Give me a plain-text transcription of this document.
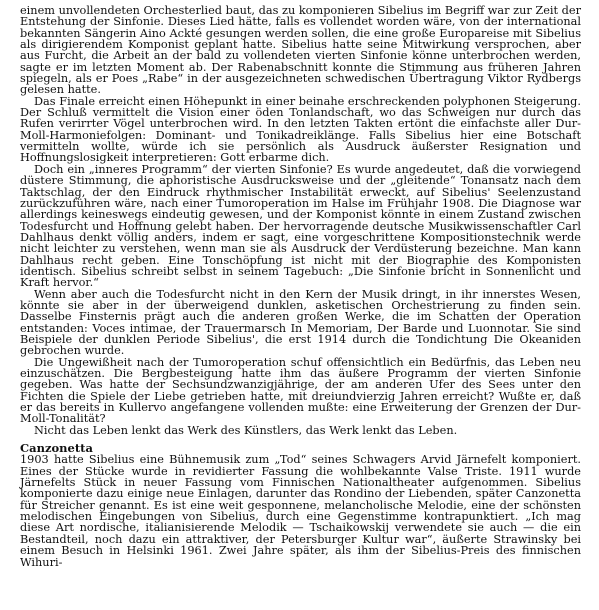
einem unvollendeten Orchesterlied baut, das zu komponieren Sibelius im Begriff war zur Zeit der Entstehung der Sinfonie. Dieses Lied hätte, falls es vollendet worden wäre, von der international bekannten Sängerin Aino Ackté gesungen werden sollen, die eine große Europareise mit Sibelius als dirigierendem Komponist geplant hatte. Sibelius hatte seine Mitwirkung versprochen, aber aus Furcht, die Arbeit an der bald zu vollendeten vierten Sinfonie könne unterbrochen werden, sagte er im letzten Moment ab. Der Rabenabschnitt konnte die Stimmung aus früheren Jahren spiegeln, als er Poes „Rabe“ in der ausgezeichneten schwedischen Übertragung Viktor Rydbergs gelesen hatte.

Das Finale erreicht einen Höhepunkt in einer beinahe erschreckenden polyphonen Steigerung. Der Schluß vermittelt die Vision einer öden Tonlandschaft, wo das Schweigen nur durch das Rufen verirrter Vögel unterbrochen wird. In den letzten Takten ertönt die einfachste aller Dur-Moll-Harmoniefolgen: Dominant- und Tonikadreiklänge. Falls Sibelius hier eine Botschaft vermitteln wollte, würde ich sie persönlich als Ausdruck äußerster Resignation und Hoffnungslosigkeit interpretieren: Gott erbarme dich.

Doch ein „inneres Programm“ der vierten Sinfonie? Es wurde angedeutet, daß die vorwiegend düstere Stimmung, die aphoristische Ausdrucksweise und der „gleitende“ Tonansatz nach dem Taktschlag, der den Eindruck rhythmischer Instabilität erweckt, auf Sibelius' Seelenzustand zurückzuführen wäre, nach einer Tumoroperation im Halse im Frühjahr 1908. Die Diagnose war allerdings keineswegs eindeutig gewesen, und der Komponist könnte in einem Zustand zwischen Todesfurcht und Hoffnung gelebt haben. Der hervorragende deutsche Musikwissenschaftler Carl Dahlhaus denkt völlig anders, indem er sagt, eine vorgeschrittene Kompositionstechnik werde nicht leichter zu verstehen, wenn man sie als Ausdruck der Verdüsterung bezeichne. Man kann Dahlhaus recht geben. Eine Tonschöpfung ist nicht mit der Biographie des Komponisten identisch. Sibelius schreibt selbst in seinem Tagebuch: „Die Sinfonie bricht in Sonnenlicht und Kraft hervor.“

Wenn aber auch die Todesfurcht nicht in den Kern der Musik dringt, in ihr innerstes Wesen, könnte sie aber in der überweigend dunklen, asketischen Orchestrierung zu finden sein. Dasselbe Finsternis prägt auch die anderen großen Werke, die im Schatten der Operation entstanden: Voces intimae, der Trauermarsch In Memoriam, Der Barde und Luonnotar. Sie sind Beispiele der dunklen Periode Sibelius', die erst 1914 durch die Tondichtung Die Okeaniden gebrochen wurde.

Die Ungewißheit nach der Tumoroperation schuf offensichtlich ein Bedürfnis, das Leben neu einzuschätzen. Die Bergbesteigung hatte ihm das äußere Programm der vierten Sinfonie gegeben. Was hatte der Sechsundzwanzigjährige, der am anderen Ufer des Sees unter den Fichten die Spiele der Liebe getrieben hatte, mit dreiundvierzig Jahren erreicht? Wußte er, daß er das bereits in Kullervo angefangene vollenden mußte: eine Erweiterung der Grenzen der Dur-Moll-Tonalität?

Nicht das Leben lenkt das Werk des Künstlers, das Werk lenkt das Leben.

Canzonetta

1903 hatte Sibelius eine Bühnemusik zum „Tod“ seines Schwagers Arvid Järnefelt komponiert. Eines der Stücke wurde in revidierter Fassung die wohlbekannte Valse Triste. 1911 wurde Järnefelts Stück in neuer Fassung vom Finnischen Nationaltheater aufgenommen. Sibelius komponierte dazu einige neue Einlagen, darunter das Rondino der Liebenden, später Canzonetta für Streicher genannt. Es ist eine weit gesponnene, melancholische Melodie, eine der schönsten melodischen Eingebungen von Sibelius, durch eine Gegenstimme kontrapunktiert. „Ich mag diese Art nordische, italianisierende Melodik — Tschaikowskij verwendete sie auch — die ein Bestandteil, noch dazu ein attraktiver, der Petersburger Kultur war“, äußerte Strawinsky bei einem Besuch in Helsinki 1961. Zwei Jahre später, als ihm der Sibelius-Preis des finnischen Wihuri-
